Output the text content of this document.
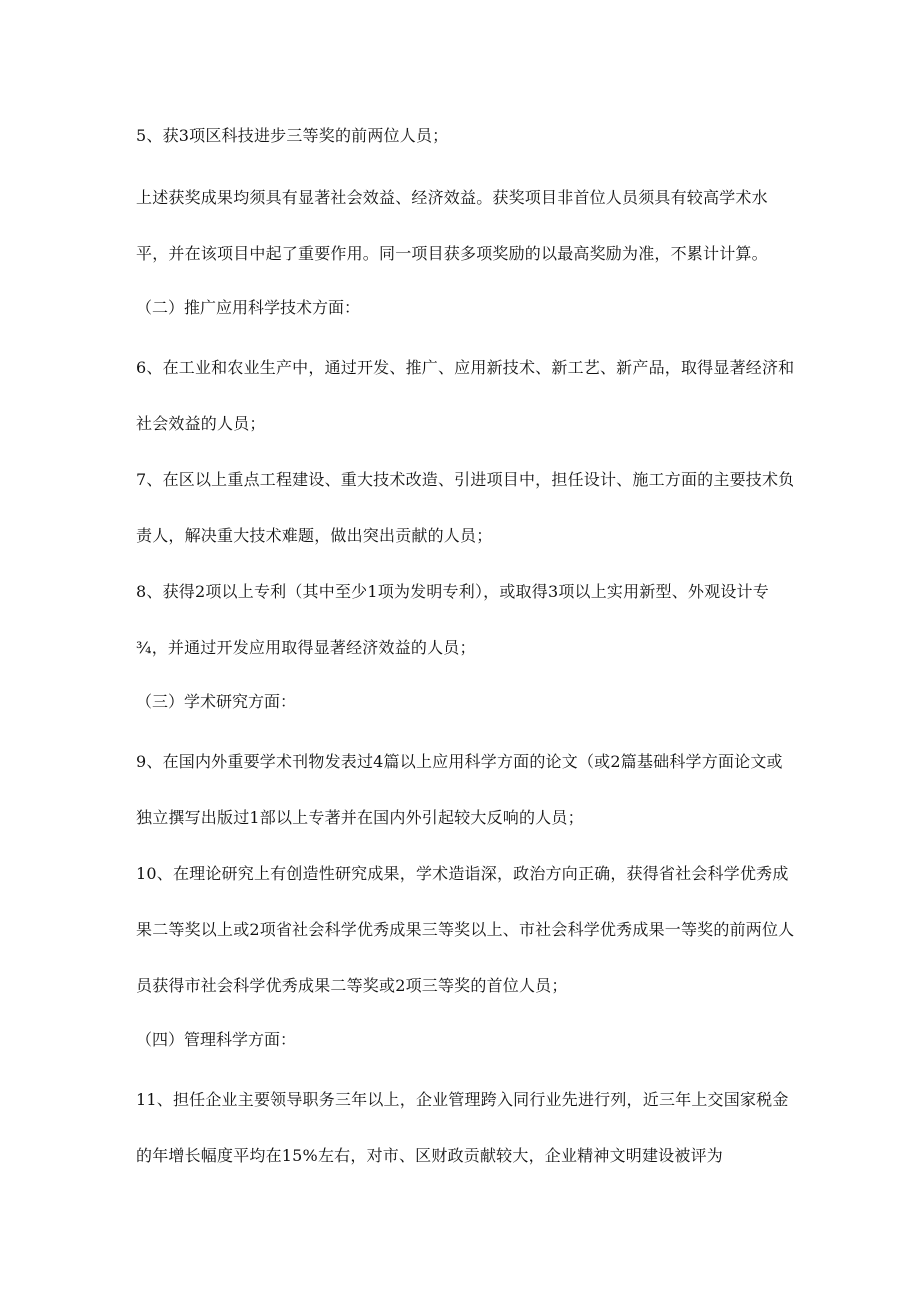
5、获3项区科技进步三等奖的前两位人员；

上述获奖成果均须具有显著社会效益、经济效益。获奖项目非首位人员须具有较高学术水平，并在该项目中起了重要作用。同一项目获多项奖励的以最高奖励为准，不累计计算。

（二）推广应用科学技术方面：

6、在工业和农业生产中，通过开发、推广、应用新技术、新工艺、新产品，取得显著经济和社会效益的人员；

7、在区以上重点工程建设、重大技术改造、引进项目中，担任设计、施工方面的主要技术负责人，解决重大技术难题，做出突出贡献的人员；

8、获得2项以上专利（其中至少1项为发明专利），或取得3项以上实用新型、外观设计专¾，并通过开发应用取得显著经济效益的人员；

（三）学术研究方面：

9、在国内外重要学术刊物发表过4篇以上应用科学方面的论文（或2篇基础科学方面论文或独立撰写出版过1部以上专著并在国内外引起较大反响的人员；

10、在理论研究上有创造性研究成果，学术造诣深，政治方向正确，获得省社会科学优秀成果二等奖以上或2项省社会科学优秀成果三等奖以上、市社会科学优秀成果一等奖的前两位人员获得市社会科学优秀成果二等奖或2项三等奖的首位人员；

（四）管理科学方面：

11、担任企业主要领导职务三年以上，企业管理跨入同行业先进行列，近三年上交国家税金的年增长幅度平均在15%左右，对市、区财政贡献较大，企业精神文明建设被评为
